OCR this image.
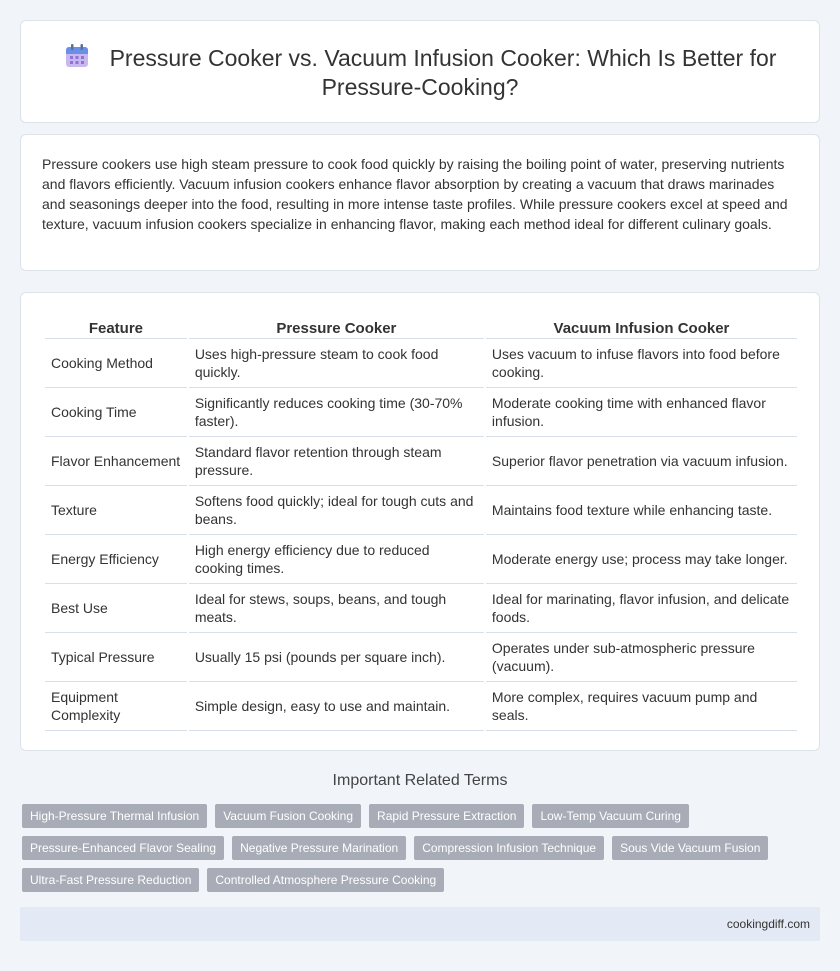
Pressure Cooker vs. Vacuum Infusion Cooker: Which Is Better for Pressure-Cooking?

Pressure cookers use high steam pressure to cook food quickly by raising the boiling point of water, preserving nutrients and flavors efficiently. Vacuum infusion cookers enhance flavor absorption by creating a vacuum that draws marinades and seasonings deeper into the food, resulting in more intense taste profiles. While pressure cookers excel at speed and texture, vacuum infusion cookers specialize in enhancing flavor, making each method ideal for different culinary goals.

Feature	Pressure Cooker	Vacuum Infusion Cooker
Cooking Method	Uses high-pressure steam to cook food quickly.	Uses vacuum to infuse flavors into food before cooking.
Cooking Time	Significantly reduces cooking time (30-70% faster).	Moderate cooking time with enhanced flavor infusion.
Flavor Enhancement	Standard flavor retention through steam pressure.	Superior flavor penetration via vacuum infusion.
Texture	Softens food quickly; ideal for tough cuts and beans.	Maintains food texture while enhancing taste.
Energy Efficiency	High energy efficiency due to reduced cooking times.	Moderate energy use; process may take longer.
Best Use	Ideal for stews, soups, beans, and tough meats.	Ideal for marinating, flavor infusion, and delicate foods.
Typical Pressure	Usually 15 psi (pounds per square inch).	Operates under sub-atmospheric pressure (vacuum).
Equipment Complexity	Simple design, easy to use and maintain.	More complex, requires vacuum pump and seals.
Important Related Terms
High-Pressure Thermal Infusion	Vacuum Fusion Cooking	Rapid Pressure Extraction	Low-Temp Vacuum Curing
Pressure-Enhanced Flavor Sealing	Negative Pressure Marination	Compression Infusion Technique	Sous Vide Vacuum Fusion
Ultra-Fast Pressure Reduction	Controlled Atmosphere Pressure Cooking
cookingdiff.com
